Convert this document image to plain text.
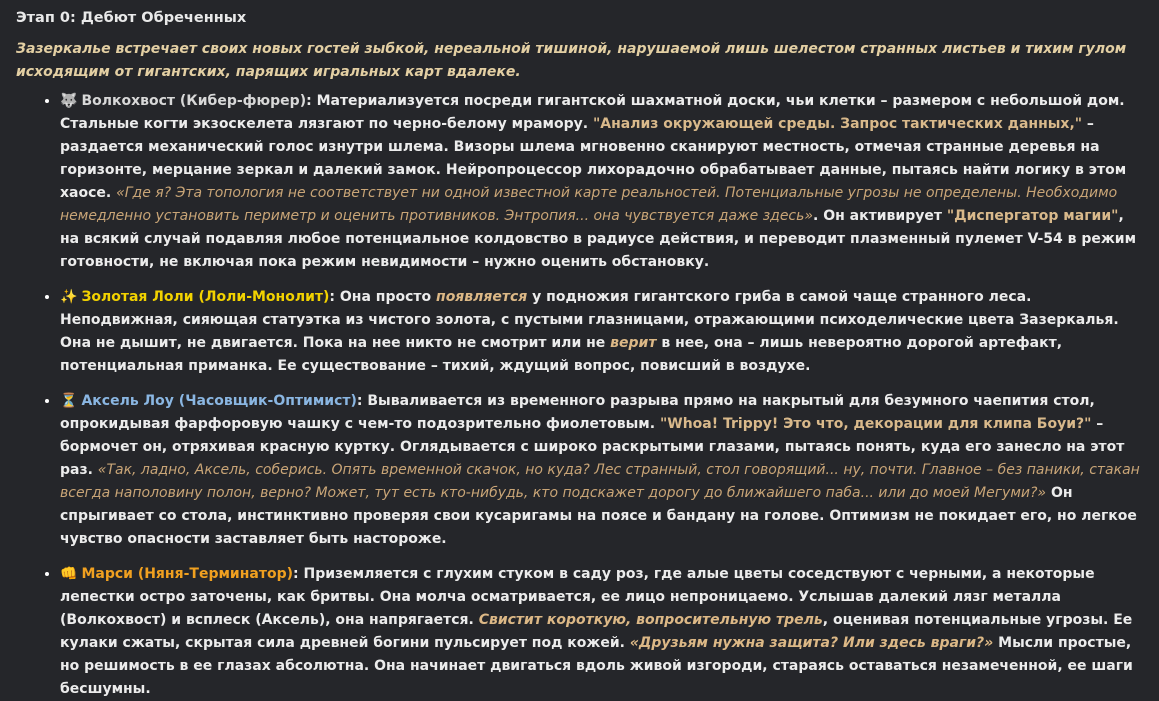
Этап 0: Дебют Обреченных
Зазеркалье встречает своих новых гостей зыбкой, нереальной тишиной, нарушаемой лишь шелестом странных листьев и тихим гулом исходящим от гигантских, парящих игральных карт вдалеке.
• 🐺 Волкохвост (Кибер-фюрер): Материализуется посреди гигантской шахматной доски, чьи клетки – размером с небольшой дом. Стальные когти экзоскелета лязгают по черно-белому мрамору. "Анализ окружающей среды. Запрос тактических данных," – раздается механический голос изнутри шлема. Визоры шлема мгновенно сканируют местность, отмечая странные деревья на горизонте, мерцание зеркал и далекий замок. Нейропроцессор лихорадочно обрабатывает данные, пытаясь найти логику в этом хаосе. «Где я? Эта топология не соответствует ни одной известной карте реальностей. Потенциальные угрозы не определены. Необходимо немедленно установить периметр и оценить противников. Энтропия... она чувствуется даже здесь». Он активирует "Диспергатор магии", на всякий случай подавляя любое потенциальное колдовство в радиусе действия, и переводит плазменный пулемет V-54 в режим готовности, не включая пока режим невидимости – нужно оценить обстановку.
• ✨ Золотая Лоли (Лоли-Монолит): Она просто появляется у подножия гигантского гриба в самой чаще странного леса. Неподвижная, сияющая статуэтка из чистого золота, с пустыми глазницами, отражающими психоделические цвета Зазеркалья. Она не дышит, не двигается. Пока на нее никто не смотрит или не верит в нее, она – лишь невероятно дорогой артефакт, потенциальная приманка. Ее существование – тихий, ждущий вопрос, повисший в воздухе.
• ⏳ Аксель Лоу (Часовщик-Оптимист): Вываливается из временного разрыва прямо на накрытый для безумного чаепития стол, опрокидывая фарфоровую чашку с чем-то подозрительно фиолетовым. "Whoa! Trippy! Это что, декорации для клипа Боуи?" – бормочет он, отряхивая красную куртку. Оглядывается с широко раскрытыми глазами, пытаясь понять, куда его занесло на этот раз. «Так, ладно, Аксель, соберись. Опять временной скачок, но куда? Лес странный, стол говорящий... ну, почти. Главное – без паники, стакан всегда наполовину полон, верно? Может, тут есть кто-нибудь, кто подскажет дорогу до ближайшего паба... или до моей Мегуми?» Он спрыгивает со стола, инстинктивно проверяя свои кусаригамы на поясе и бандану на голове. Оптимизм не покидает его, но легкое чувство опасности заставляет быть настороже.
• 👊 Марси (Няня-Терминатор): Приземляется с глухим стуком в саду роз, где алые цветы соседствуют с черными, а некоторые лепестки остро заточены, как бритвы. Она молча осматривается, ее лицо непроницаемо. Услышав далекий лязг металла (Волкохвост) и всплеск (Аксель), она напрягается. Свистит короткую, вопросительную трель, оценивая потенциальные угрозы. Ее кулаки сжаты, скрытая сила древней богини пульсирует под кожей. «Друзьям нужна защита? Или здесь враги?» Мысли простые, но решимость в ее глазах абсолютна. Она начинает двигаться вдоль живой изгороди, стараясь оставаться незамеченной, ее шаги бесшумны.
